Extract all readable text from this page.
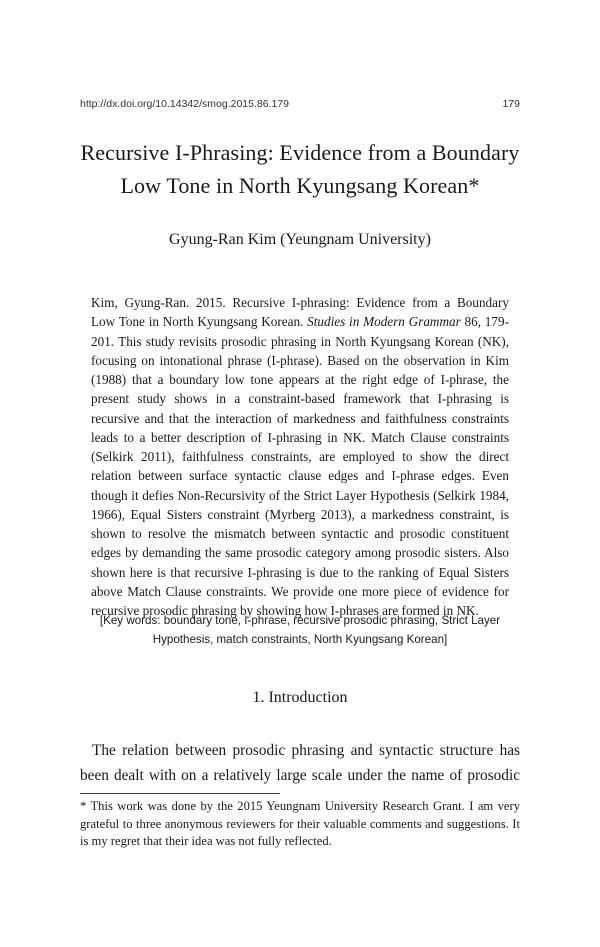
http://dx.doi.org/10.14342/smog.2015.86.179	179
Recursive I-Phrasing: Evidence from a Boundary
Low Tone in North Kyungsang Korean*
Gyung-Ran Kim (Yeungnam University)
Kim, Gyung-Ran. 2015. Recursive I-phrasing: Evidence from a Boundary Low Tone in North Kyungsang Korean. Studies in Modern Grammar 86, 179-201. This study revisits prosodic phrasing in North Kyungsang Korean (NK), focusing on intonational phrase (I-phrase). Based on the observation in Kim (1988) that a boundary low tone appears at the right edge of I-phrase, the present study shows in a constraint-based framework that I-phrasing is recursive and that the interaction of markedness and faithfulness constraints leads to a better description of I-phrasing in NK. Match Clause constraints (Selkirk 2011), faithfulness constraints, are employed to show the direct relation between surface syntactic clause edges and I-phrase edges. Even though it defies Non-Recursivity of the Strict Layer Hypothesis (Selkirk 1984, 1966), Equal Sisters constraint (Myrberg 2013), a markedness constraint, is shown to resolve the mismatch between syntactic and prosodic constituent edges by demanding the same prosodic category among prosodic sisters. Also shown here is that recursive I-phrasing is due to the ranking of Equal Sisters above Match Clause constraints. We provide one more piece of evidence for recursive prosodic phrasing by showing how I-phrases are formed in NK.
[Key words: boundary tone, I-phrase, recursive prosodic phrasing, Strict Layer
Hypothesis, match constraints, North Kyungsang Korean]
1. Introduction
The relation between prosodic phrasing and syntactic structure has been dealt with on a relatively large scale under the name of prosodic
* This work was done by the 2015 Yeungnam University Research Grant. I am very grateful to three anonymous reviewers for their valuable comments and suggestions. It is my regret that their idea was not fully reflected.
